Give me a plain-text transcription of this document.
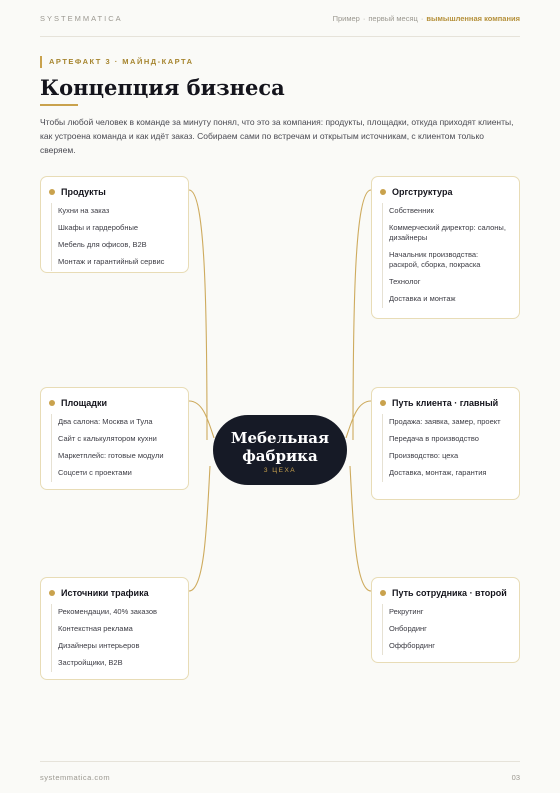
SYSTEMMATICA	Пример · первый месяц · вымышленная компания
АРТЕФАКТ 3 · МАЙНД-КАРТА
Концепция бизнеса

Чтобы любой человек в команде за минуту понял, что это за компания: продукты, площадки, откуда приходят клиенты, как устроена команда и как идёт заказ. Собираем сами по встречам и открытым источникам, с клиентом только сверяем.

Продукты
Кухни на заказ
Шкафы и гардеробные
Мебель для офисов, B2B
Монтаж и гарантийный сервис
Площадки
Два салона: Москва и Тула
Сайт с калькулятором кухни
Маркетплейс: готовые модули
Соцсети с проектами
Источники трафика
Рекомендации, 40% заказов
Контекстная реклама
Дизайнеры интерьеров
Застройщики, B2B
Оргструктура
Собственник
Коммерческий директор: салоны, дизайнеры
Начальник производства: раскрой, сборка, покраска
Технолог
Доставка и монтаж
Путь клиента · главный
Продажа: заявка, замер, проект
Передача в производство
Производство: цеха
Доставка, монтаж, гарантия
Путь сотрудника · второй
Рекрутинг
Онбординг
Оффбординг
Мебельная фабрика
3 ЦЕХА
systemmatica.com	03
